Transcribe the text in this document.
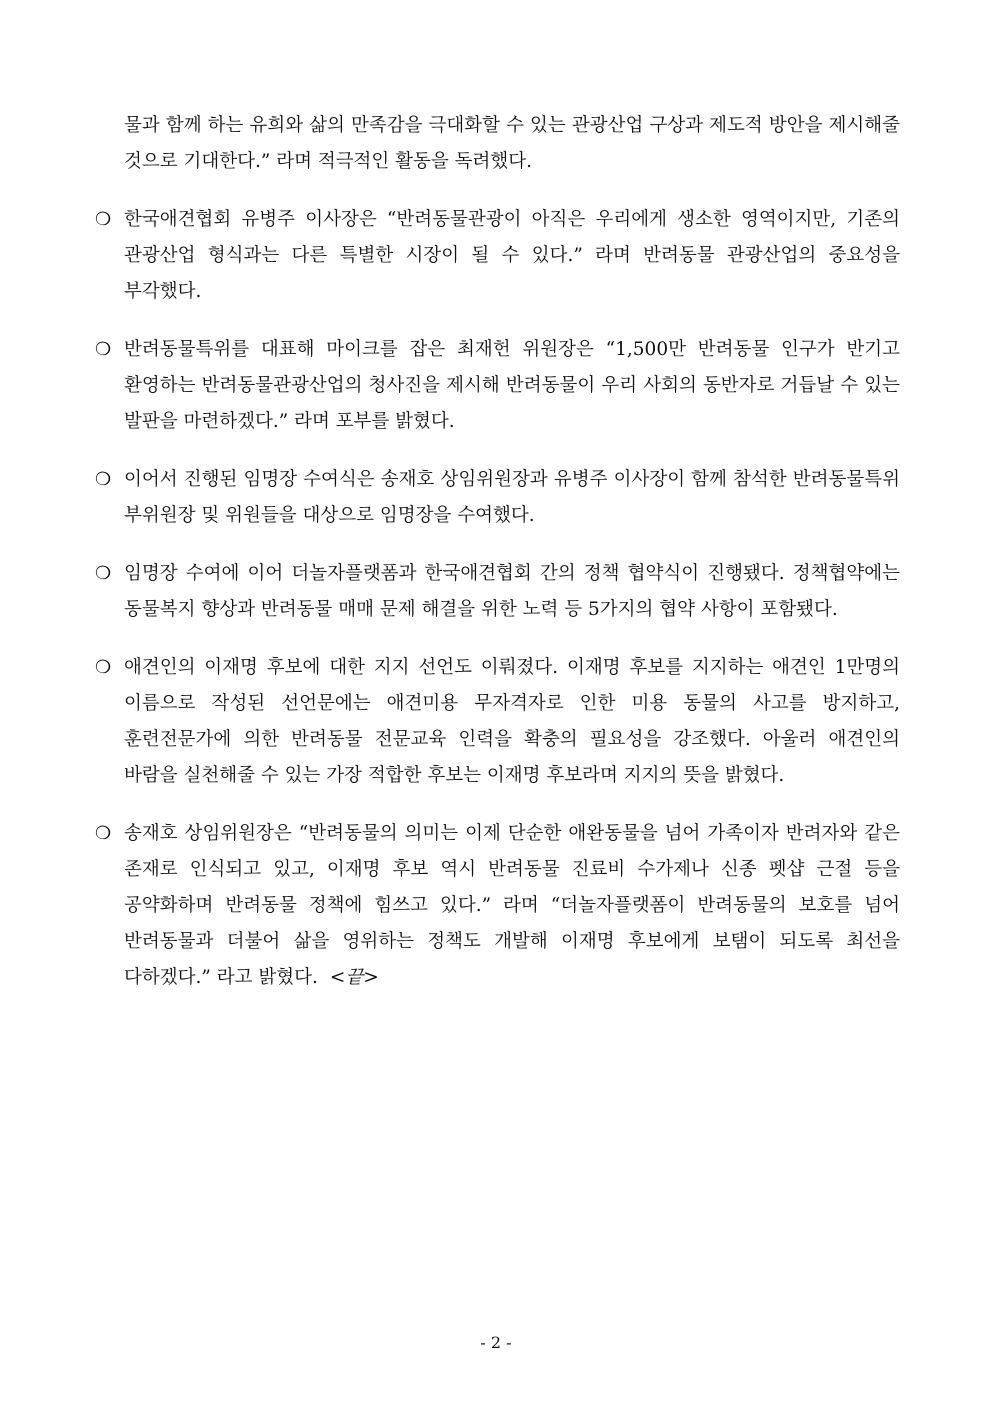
물과 함께 하는 유희와 삶의 만족감을 극대화할 수 있는 관광산업 구상과 제도적 방안을 제시해줄 것으로 기대한다.” 라며 적극적인 활동을 독려했다.

❍ 한국애견협회 유병주 이사장은 “반려동물관광이 아직은 우리에게 생소한 영역이지만, 기존의 관광산업 형식과는 다른 특별한 시장이 될 수 있다.” 라며 반려동물 관광산업의 중요성을 부각했다.
❍ 반려동물특위를 대표해 마이크를 잡은 최재헌 위원장은 “1,500만 반려동물 인구가 반기고 환영하는 반려동물관광산업의 청사진을 제시해 반려동물이 우리 사회의 동반자로 거듭날 수 있는 발판을 마련하겠다.” 라며 포부를 밝혔다.
❍ 이어서 진행된 임명장 수여식은 송재호 상임위원장과 유병주 이사장이 함께 참석한 반려동물특위 부위원장 및 위원들을 대상으로 임명장을 수여했다.
❍ 임명장 수여에 이어 더놀자플랫폼과 한국애견협회 간의 정책 협약식이 진행됐다. 정책협약에는 동물복지 향상과 반려동물 매매 문제 해결을 위한 노력 등 5가지의 협약 사항이 포함됐다.
❍ 애견인의 이재명 후보에 대한 지지 선언도 이뤄졌다. 이재명 후보를 지지하는 애견인 1만명의 이름으로 작성된 선언문에는 애견미용 무자격자로 인한 미용 동물의 사고를 방지하고, 훈련전문가에 의한 반려동물 전문교육 인력을 확충의 필요성을 강조했다. 아울러 애견인의 바람을 실천해줄 수 있는 가장 적합한 후보는 이재명 후보라며 지지의 뜻을 밝혔다.
❍ 송재호 상임위원장은 “반려동물의 의미는 이제 단순한 애완동물을 넘어 가족이자 반려자와 같은 존재로 인식되고 있고, 이재명 후보 역시 반려동물 진료비 수가제나 신종 펫샵 근절 등을 공약화하며 반려동물 정책에 힘쓰고 있다.” 라며 “더놀자플랫폼이 반려동물의 보호를 넘어 반려동물과 더불어 삶을 영위하는 정책도 개발해 이재명 후보에게 보탬이 되도록 최선을 다하겠다.” 라고 밝혔다. <끝>
- 2 -
